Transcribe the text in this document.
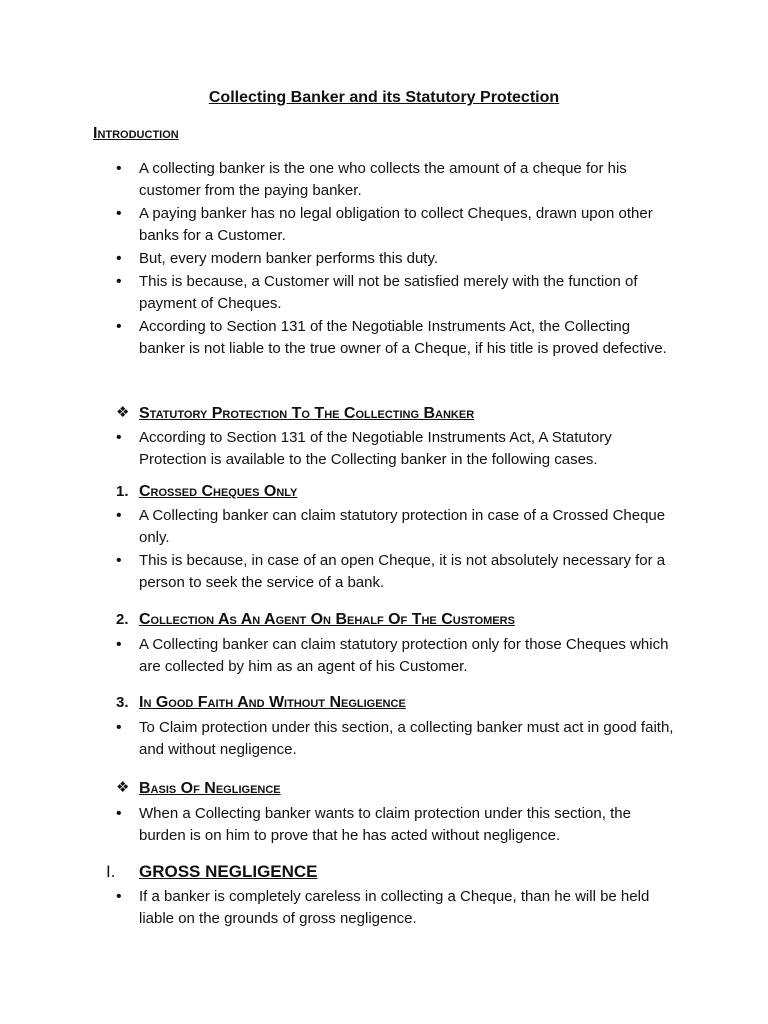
Collecting Banker and its Statutory Protection
Introduction
• A collecting banker is the one who collects the amount of a cheque for his customer from the paying banker.
• A paying banker has no legal obligation to collect Cheques, drawn upon other banks for a Customer.
• But, every modern banker performs this duty.
• This is because, a Customer will not be satisfied merely with the function of payment of Cheques.
• According to Section 131 of the Negotiable Instruments Act, the Collecting banker is not liable to the true owner of a Cheque, if his title is proved defective.
❖ Statutory Protection To The Collecting Banker
• According to Section 131 of the Negotiable Instruments Act, A Statutory Protection is available to the Collecting banker in the following cases.
1. Crossed Cheques Only
• A Collecting banker can claim statutory protection in case of a Crossed Cheque only.
• This is because, in case of an open Cheque, it is not absolutely necessary for a person to seek the service of a bank.
2. Collection As An Agent On Behalf Of The Customers
• A Collecting banker can claim statutory protection only for those Cheques which are collected by him as an agent of his Customer.
3. In Good Faith And Without Negligence
• To Claim protection under this section, a collecting banker must act in good faith, and without negligence.
❖ Basis Of Negligence
• When a Collecting banker wants to claim protection under this section, the burden is on him to prove that he has acted without negligence.
I. GROSS NEGLIGENCE
• If a banker is completely careless in collecting a Cheque, than he will be held liable on the grounds of gross negligence.
